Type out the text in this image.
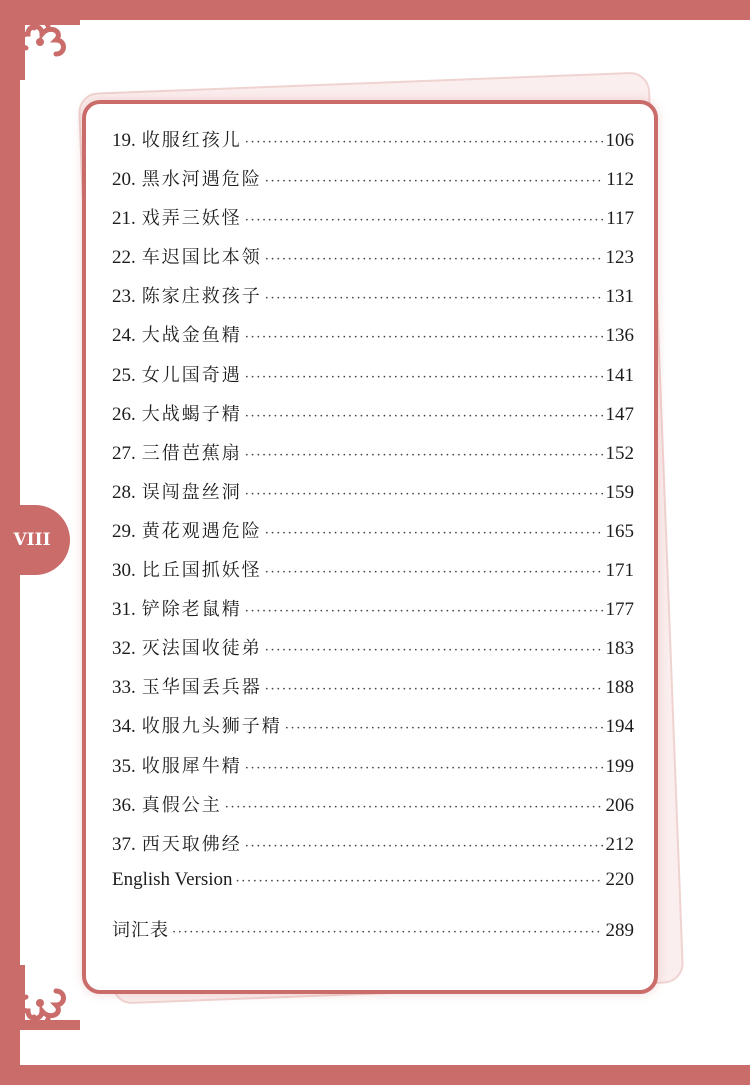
VIII
19. 收服红孩儿 ·····	106
20. 黑水河遇危险 ·····	112
21. 戏弄三妖怪 ·····	117
22. 车迟国比本领 ·····	123
23. 陈家庄救孩子 ·····	131
24. 大战金鱼精 ·····	136
25. 女儿国奇遇 ·····	141
26. 大战蝎子精 ·····	147
27. 三借芭蕉扇 ·····	152
28. 误闯盘丝洞 ·····	159
29. 黄花观遇危险 ·····	165
30. 比丘国抓妖怪 ·····	171
31. 铲除老鼠精 ·····	177
32. 灭法国收徒弟 ·····	183
33. 玉华国丢兵器 ·····	188
34. 收服九头狮子精 ·····	194
35. 收服犀牛精 ·····	199
36. 真假公主 ·····	206
37. 西天取佛经 ·····	212
English Version ·····	220
词汇表 ·····	289
